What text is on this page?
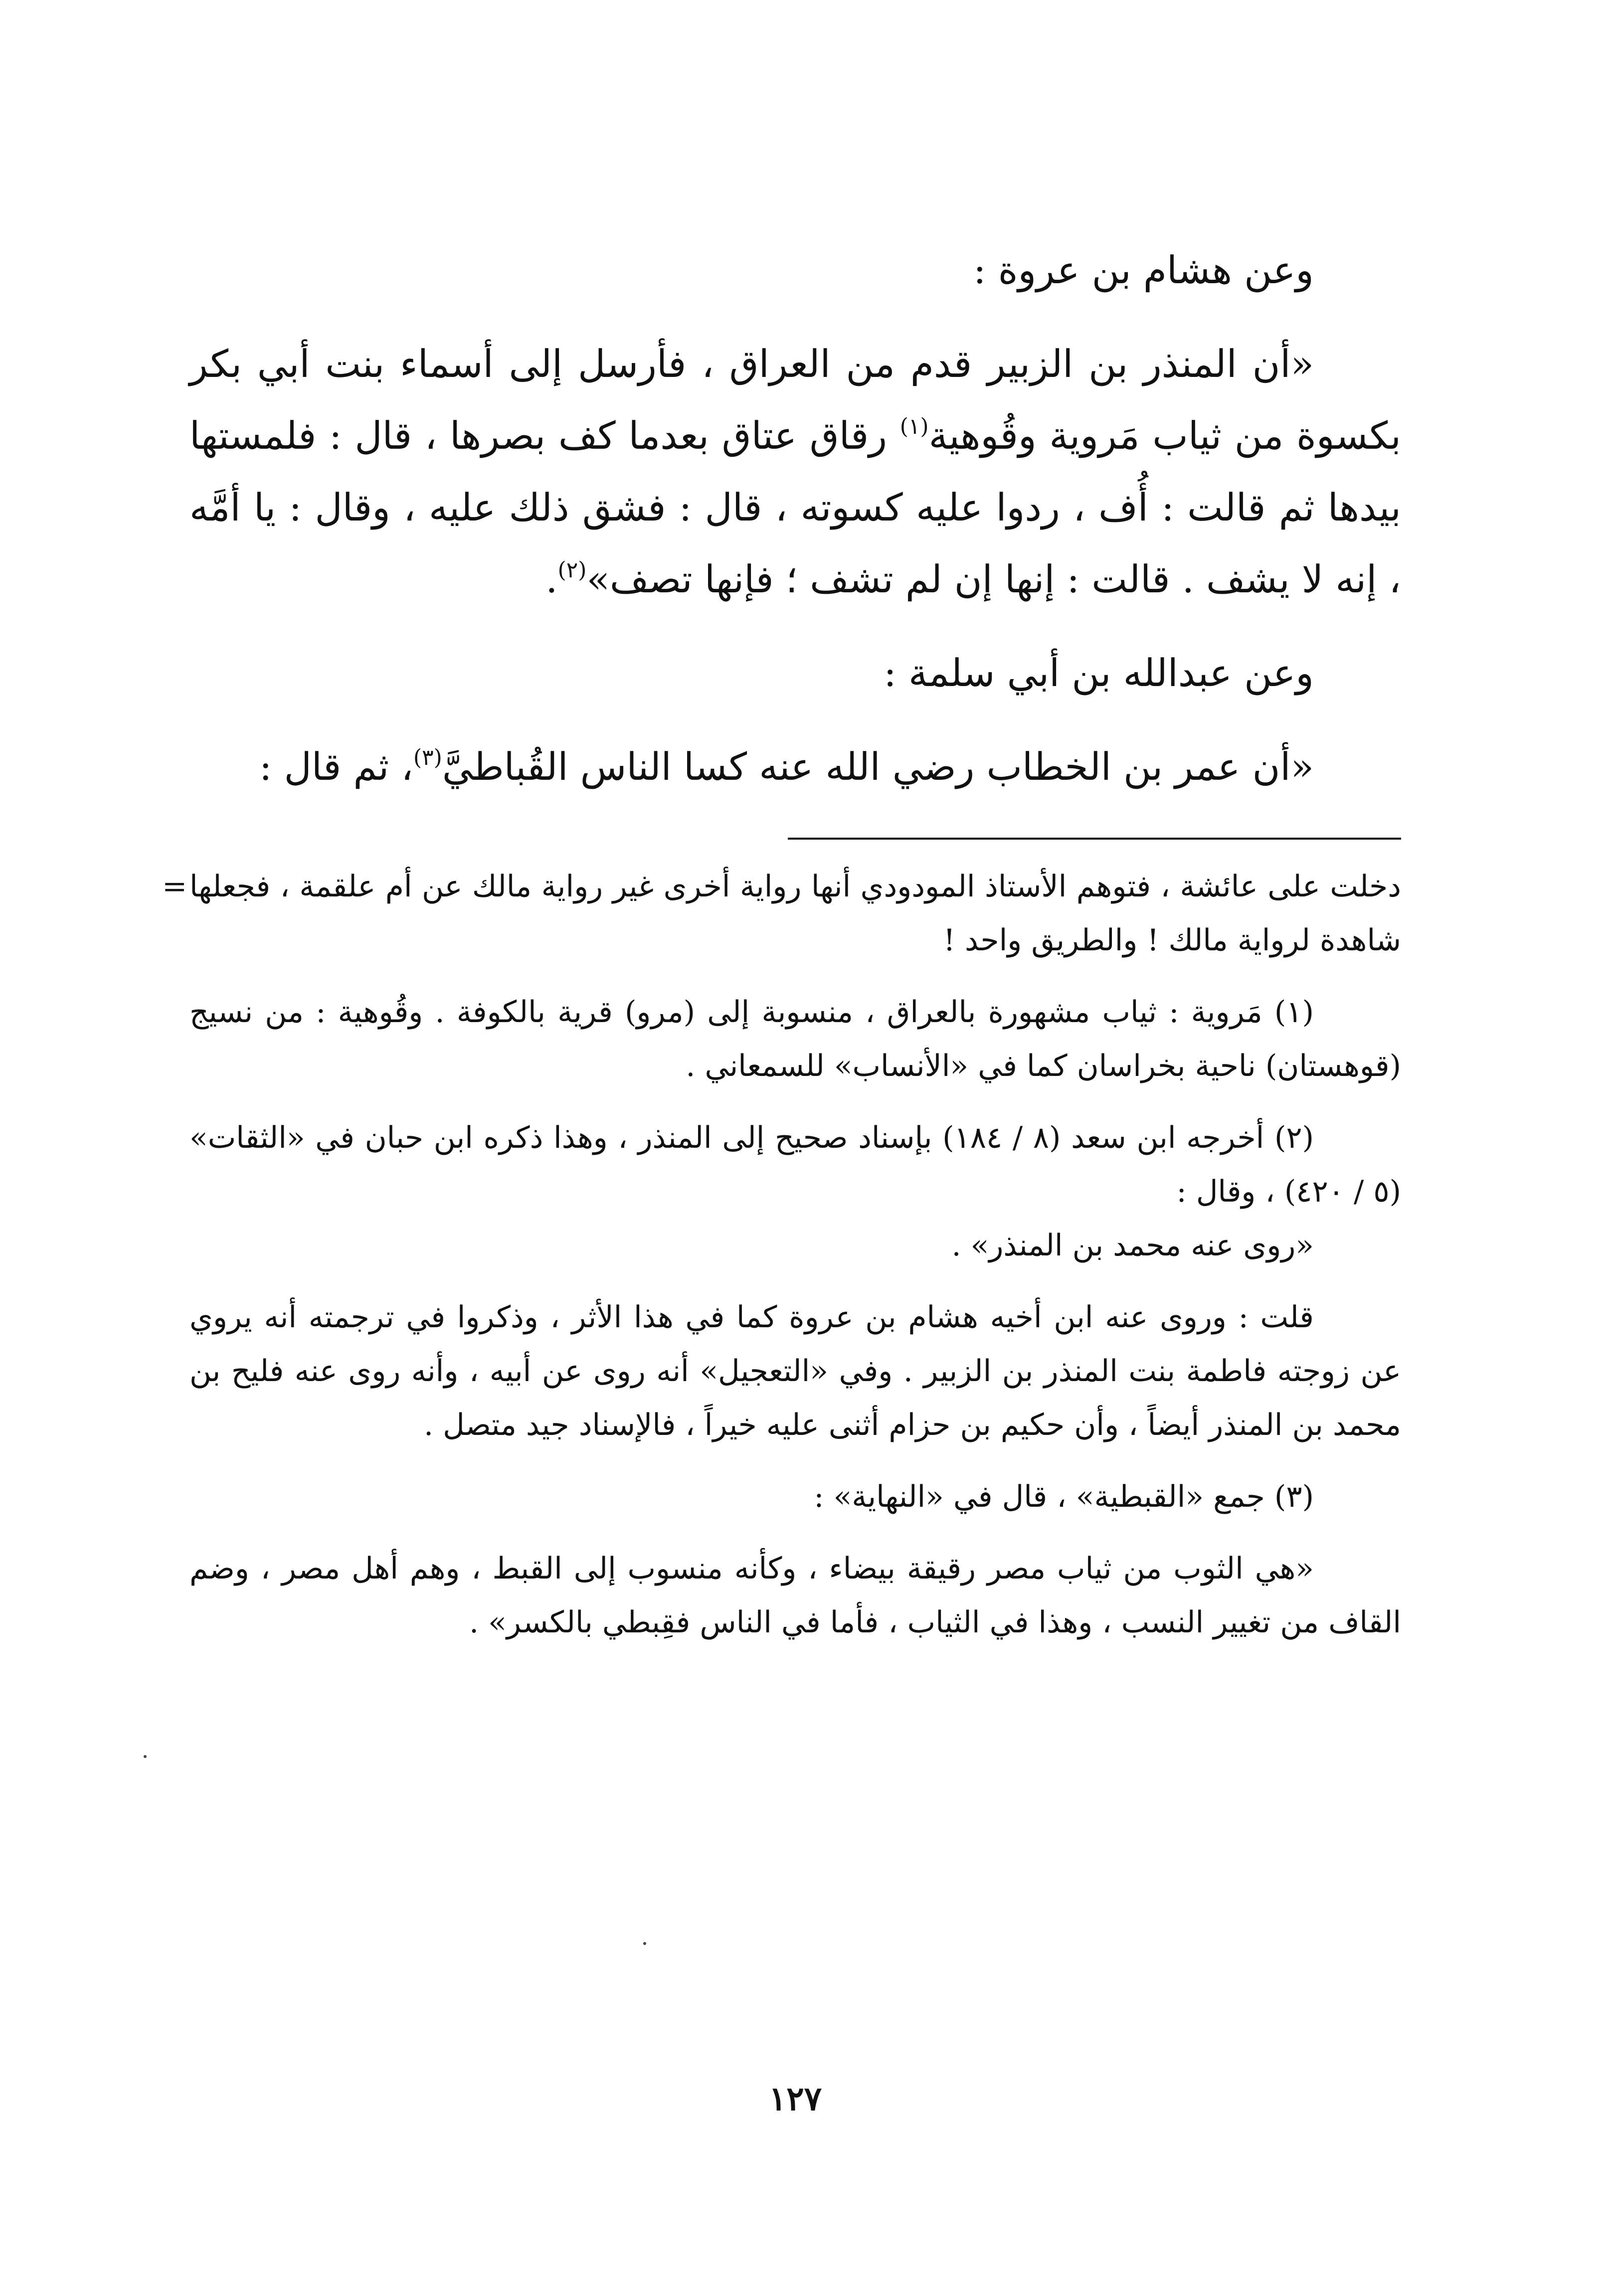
وعن هشام بن عروة :

«أن المنذر بن الزبير قدم من العراق ، فأرسل إلى أسماء بنت أبي بكر بكسوة من ثياب مَروية وقُوهية$^{(١)}$ رقاق عتاق بعدما كف بصرها ، قال : فلمستها بيدها ثم قالت : أُف ، ردوا عليه كسوته ، قال : فشق ذلك عليه ، وقال : يا أمَّه ، إنه لا يشف . قالت : إنها إن لم تشف ؛ فإنها تصف»$^{(٢)}$.

وعن عبدالله بن أبي سلمة :

«أن عمر بن الخطاب رضي الله عنه كسا الناس القُباطيَّ$^{(٣)}$، ثم قال :

= دخلت على عائشة ، فتوهم الأستاذ المودودي أنها رواية أخرى غير رواية مالك عن أم علقمة ، فجعلها شاهدة لرواية مالك ! والطريق واحد !

(١) مَروية : ثياب مشهورة بالعراق ، منسوبة إلى (مرو) قرية بالكوفة . وقُوهية : من نسيج (قوهستان) ناحية بخراسان كما في «الأنساب» للسمعاني .

(٢) أخرجه ابن سعد (٨ / ١٨٤) بإسناد صحيح إلى المنذر ، وهذا ذكره ابن حبان في «الثقات» (٥ / ٤٢٠) ، وقال :

«روى عنه محمد بن المنذر» .

قلت : وروى عنه ابن أخيه هشام بن عروة كما في هذا الأثر ، وذكروا في ترجمته أنه يروي عن زوجته فاطمة بنت المنذر بن الزبير . وفي «التعجيل» أنه روى عن أبيه ، وأنه روى عنه فليح بن محمد بن المنذر أيضاً ، وأن حكيم بن حزام أثنى عليه خيراً ، فالإسناد جيد متصل .

(٣) جمع «القبطية» ، قال في «النهاية» :

«هي الثوب من ثياب مصر رقيقة بيضاء ، وكأنه منسوب إلى القبط ، وهم أهل مصر ، وضم القاف من تغيير النسب ، وهذا في الثياب ، فأما في الناس فقِبطي بالكسر» .

١٢٧
